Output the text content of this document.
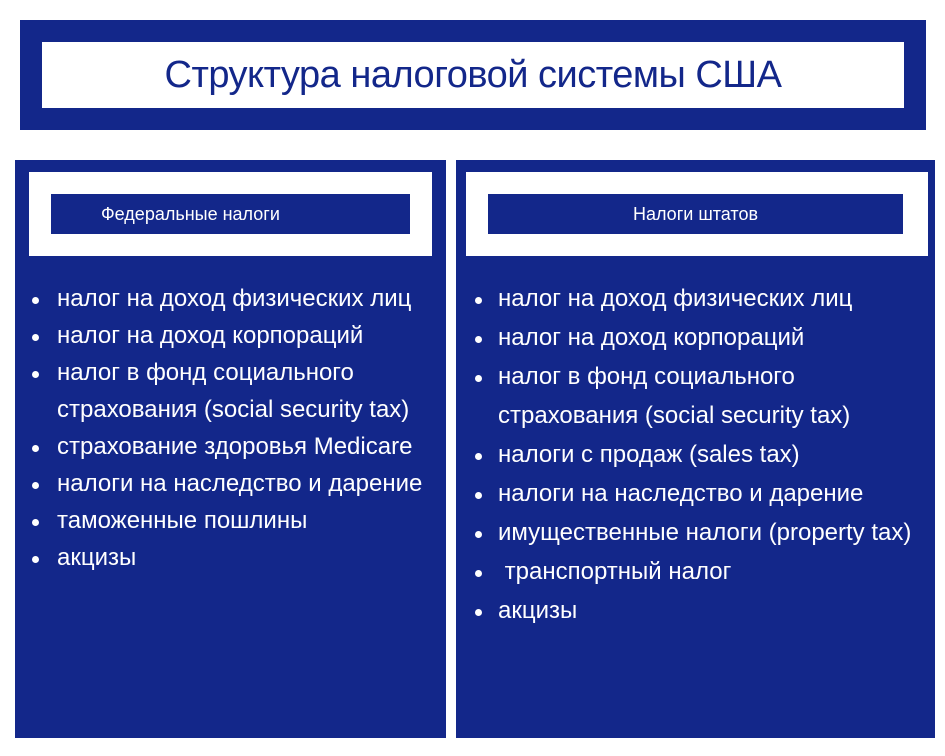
Структура налоговой системы США
Федеральные налоги
налог на доход физических лиц
налог на доход корпораций
налог в фонд социального страхования (social security tax)
страхование здоровья Medicare
налоги на наследство и дарение
таможенные пошлины
акцизы
Налоги штатов
налог на доход физических лиц
налог на доход корпораций
налог в фонд социального страхования (social security tax)
налоги с продаж (sales tax)
налоги на наследство и дарение
имущественные налоги (property tax)
транспортный налог
акцизы
